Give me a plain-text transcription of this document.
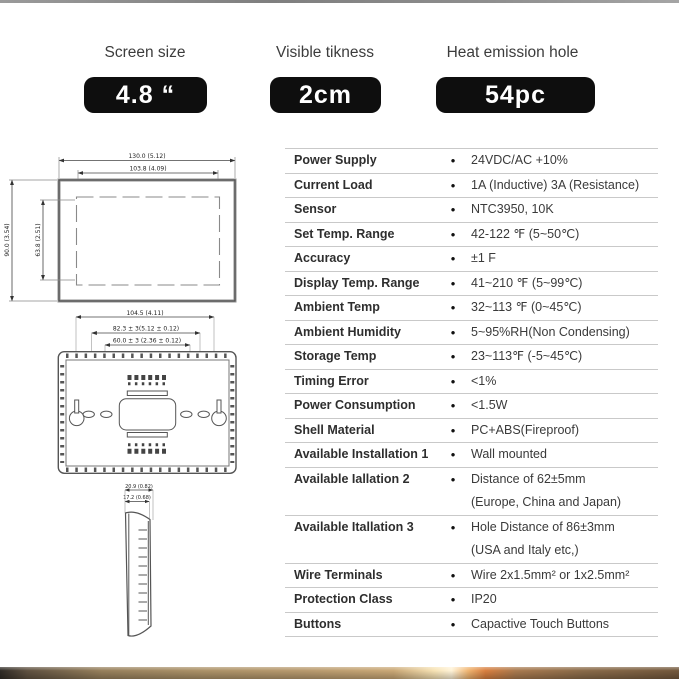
Screen size	Visible tikness	Heat emission hole
4.8 “	2cm	54pc
130.0 (5.12)
103.8 (4.09)
90.0 (3.54)	63.8 (2.51)
104.5 (4.11)
82.3 ± 3(5.12 ± 0.12)
60.0 ± 3 (2.36 ± 0.12)
20.9 (0.82)
17.2 (0.68)
Power Supply	•	24VDC/AC +10%
Current Load	•	1A (Inductive) 3A (Resistance)
Sensor	•	NTC3950, 10K
Set Temp. Range	•	42-122 ℉ (5~50℃)
Accuracy	•	±1 F
Display Temp. Range	•	41~210 ℉ (5~99℃)
Ambient Temp	•	32~113 ℉ (0~45℃)
Ambient Humidity	•	5~95%RH(Non Condensing)
Storage Temp	•	23~113℉ (-5~45℃)
Timing Error	•	<1%
Power Consumption	•	<1.5W
Shell Material	•	PC+ABS(Fireproof)
Available Installation 1	•	Wall mounted
Available Iallation 2	•	Distance of 62±5mm
(Europe, China and Japan)
Available Itallation 3	•	Hole Distance of 86±3mm
(USA and Italy etc,)
Wire Terminals	•	Wire 2x1.5mm² or 1x2.5mm²
Protection Class	•	IP20
Buttons	•	Capactive Touch Buttons
